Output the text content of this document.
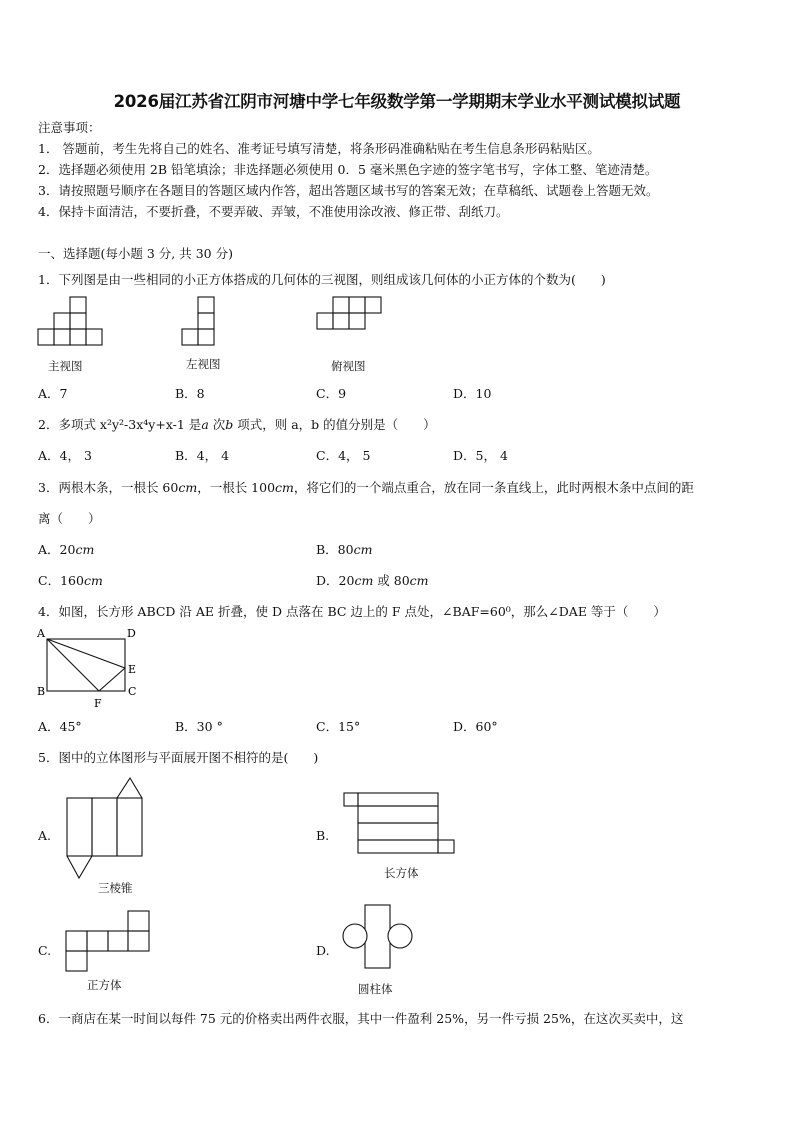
2026届江苏省江阴市河塘中学七年级数学第一学期期末学业水平测试模拟试题
注意事项：
1． 答题前，考生先将自己的姓名、准考证号填写清楚，将条形码准确粘贴在考生信息条形码粘贴区。
2．选择题必须使用 2B 铅笔填涂；非选择题必须使用 0．5 毫米黑色字迹的签字笔书写，字体工整、笔迹清楚。
3．请按照题号顺序在各题目的答题区域内作答，超出答题区域书写的答案无效；在草稿纸、试题卷上答题无效。
4．保持卡面清洁，不要折叠，不要弄破、弄皱，不准使用涂改液、修正带、刮纸刀。
一、选择题(每小题 3 分, 共 30 分)
1．下列图是由一些相同的小正方体搭成的几何体的三视图，则组成该几何体的小正方体的个数为(　　)
主视图	左视图	俯视图
A．7	B．8	C．9	D．10
2．多项式 x²y²-3x⁴y+x-1 是a 次b 项式，则 a，b 的值分别是（　　）
A．4， 3	B．4， 4	C．4， 5	D．5， 4
3．两根木条，一根长 60cm，一根长 100cm，将它们的一个端点重合，放在同一条直线上，此时两根木条中点间的距
离（　　）
A．20cm	B．80cm
C．160cm	D．20cm 或 80cm
4．如图，长方形 ABCD 沿 AE 折叠，使 D 点落在 BC 边上的 F 点处，∠BAF=60⁰，那么∠DAE 等于（　　）
A	D
E
B
F
C
A．45°	B．30 °	C．15°	D．60°
5．图中的立体图形与平面展开图不相符的是(　　)
A.
三棱锥
B.
长方体
C.
正方体
D.
圆柱体
6．一商店在某一时间以每件 75 元的价格卖出两件衣服，其中一件盈利 25%，另一件亏损 25%，在这次买卖中，这
